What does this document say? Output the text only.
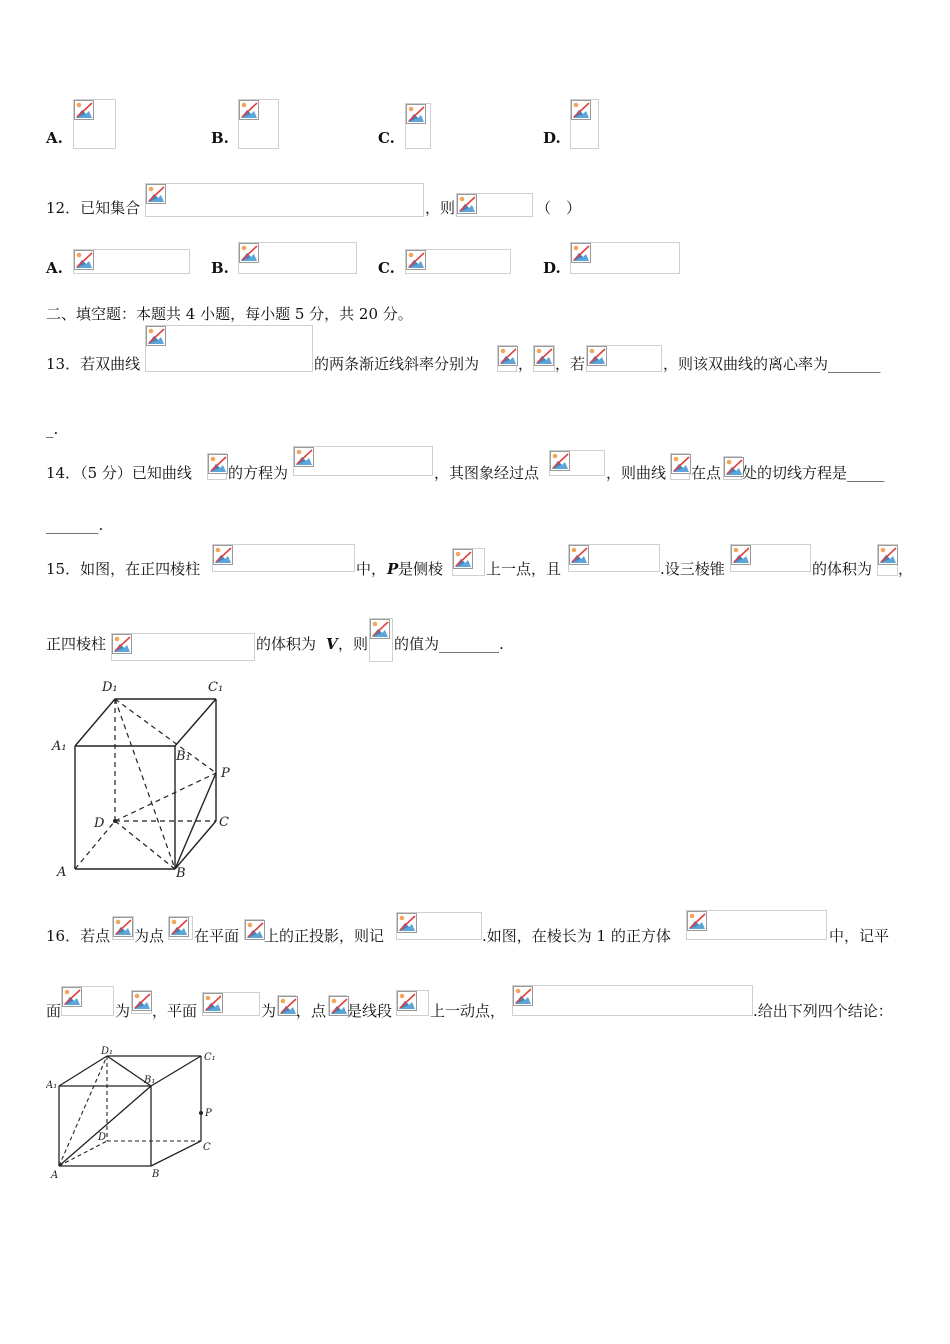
A.	B.	C.	D.
12．已知集合	，则	（　）
A.	B.	C.	D.
二、填空题：本题共 4 小题，每小题 5 分，共 20 分。
13．若双曲线	的两条渐近线斜率分别为	， ，若	，则该双曲线的离心率为_______
_.
14．（5 分）已知曲线 的方程为	，其图象经过点	，则曲线 在点 处的切线方程是_____
_______.
15．如图，在正四棱柱	中， P 是侧棱	上一点，且	.设三棱锥	的体积为 ，
正四棱柱	的体积为 V ，则 的值为________.
D₁	C₁
A₁
B₁
P
D	C
A	B
16．若点 为点 在平面 上的正投影，则记	.如图，在棱长为 1 的正方体	中，记平
面	为 ，平面	为 ，点 是线段	上一动点，	.给出下列四个结论：
D₁
C₁
A₁	B₁
P
D
C
A	B
